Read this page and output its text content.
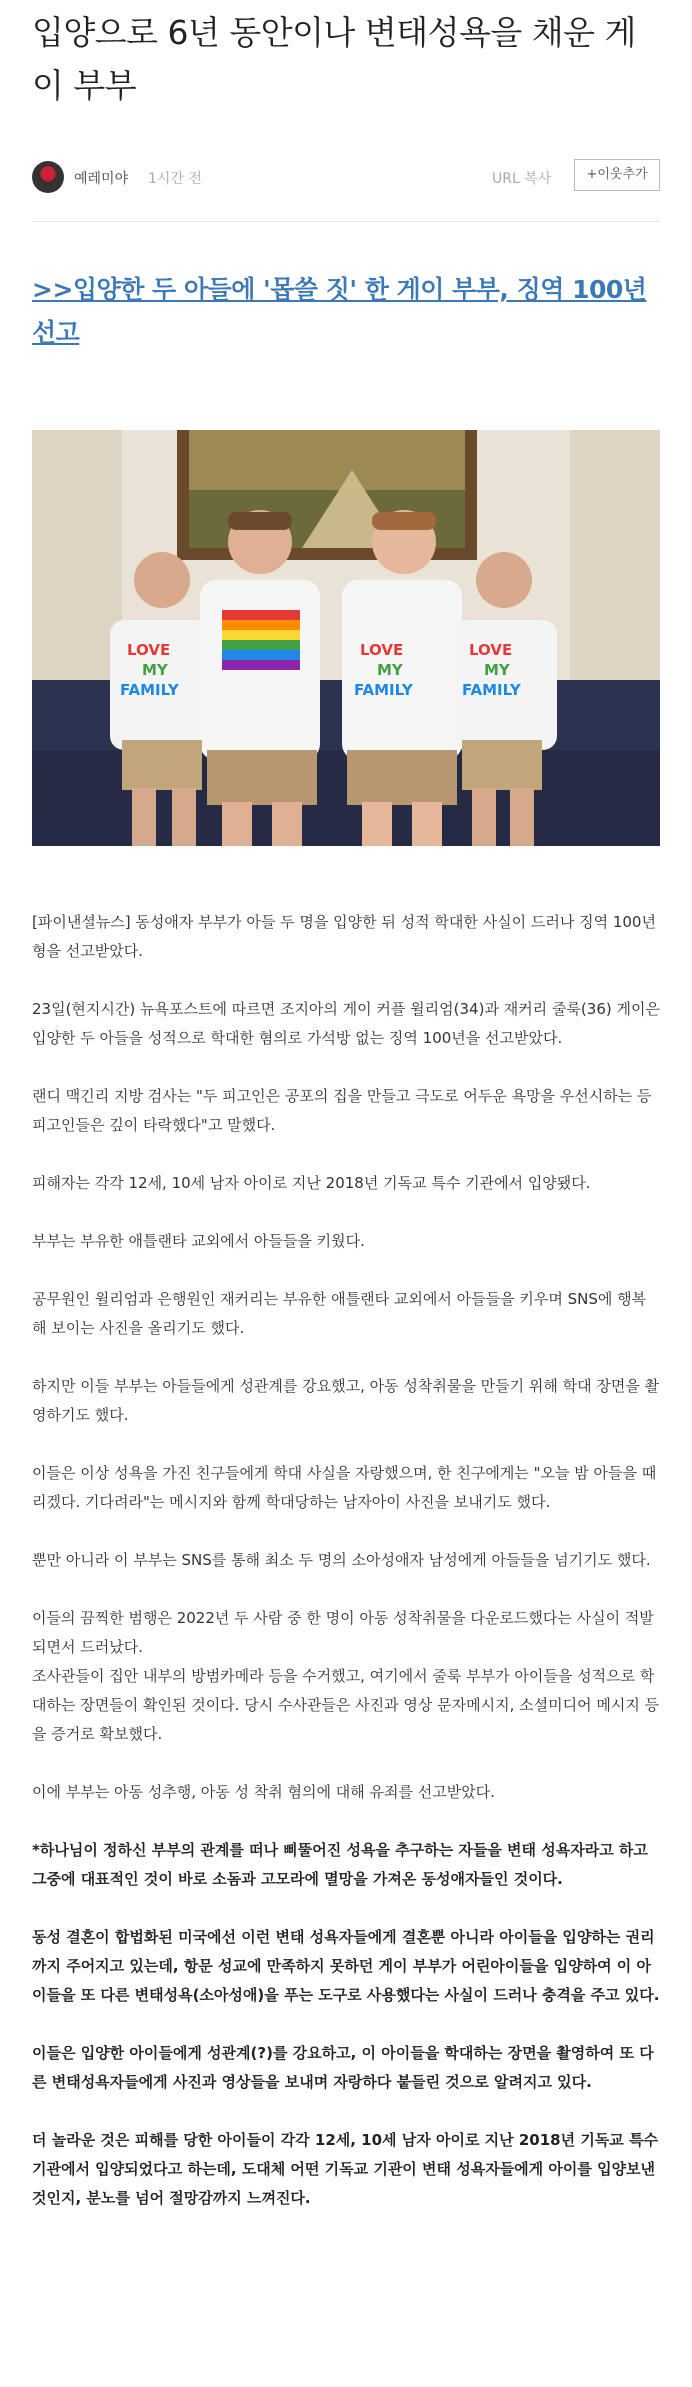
입양으로 6년 동안이나 변태성욕을 채운 게이 부부
예레미야 1시간 전	URL 복사	+이웃추가
>>입양한 두 아들에 '몹쓸 짓' 한 게이 부부, 징역 100년 선고
LOVE
MY
FAMILY
LOVE
MY
FAMILY
LOVE
MY
FAMILY

[파이낸셜뉴스] 동성애자 부부가 아들 두 명을 입양한 뒤 성적 학대한 사실이 드러나 징역 100년형을 선고받았다.

23일(현지시간) 뉴욕포스트에 따르면 조지아의 게이 커플 윌리엄(34)과 재커리 줄룩(36) 게이은 입양한 두 아들을 성적으로 학대한 혐의로 가석방 없는 징역 100년을 선고받았다.

랜디 맥긴리 지방 검사는 "두 피고인은 공포의 집을 만들고 극도로 어두운 욕망을 우선시하는 등 피고인들은 깊이 타락했다"고 말했다.

피해자는 각각 12세, 10세 남자 아이로 지난 2018년 기독교 특수 기관에서 입양됐다.

부부는 부유한 애틀랜타 교외에서 아들들을 키웠다.

공무원인 윌리엄과 은행원인 재커리는 부유한 애틀랜타 교외에서 아들들을 키우며 SNS에 행복해 보이는 사진을 올리기도 했다.

하지만 이들 부부는 아들들에게 성관계를 강요했고, 아동 성착취물을 만들기 위해 학대 장면을 촬영하기도 했다.

이들은 이상 성욕을 가진 친구들에게 학대 사실을 자랑했으며, 한 친구에게는 "오늘 밤 아들을 때리겠다. 기다려라"는 메시지와 함께 학대당하는 남자아이 사진을 보내기도 했다.

뿐만 아니라 이 부부는 SNS를 통해 최소 두 명의 소아성애자 남성에게 아들들을 넘기기도 했다.

이들의 끔찍한 범행은 2022년 두 사람 중 한 명이 아동 성착취물을 다운로드했다는 사실이 적발되면서 드러났다.
조사관들이 집안 내부의 방범카메라 등을 수거했고, 여기에서 줄룩 부부가 아이들을 성적으로 학대하는 장면들이 확인된 것이다. 당시 수사관들은 사진과 영상 문자메시지, 소셜미디어 메시지 등을 증거로 확보했다.

이에 부부는 아동 성추행, 아동 성 착취 혐의에 대해 유죄를 선고받았다.

*하나님이 정하신 부부의 관계를 떠나 삐뚤어진 성욕을 추구하는 자들을 변태 성욕자라고 하고 그중에 대표적인 것이 바로 소돔과 고모라에 멸망을 가져온 동성애자들인 것이다.

동성 결혼이 합법화된 미국에선 이런 변태 성욕자들에게 결혼뿐 아니라 아이들을 입양하는 권리까지 주어지고 있는데, 항문 성교에 만족하지 못하던 게이 부부가 어린아이들을 입양하여 이 아이들을 또 다른 변태성욕(소아성애)을 푸는 도구로 사용했다는 사실이 드러나 충격을 주고 있다.

이들은 입양한 아이들에게 성관계(?)를 강요하고, 이 아이들을 학대하는 장면을 촬영하여 또 다른 변태성욕자들에게 사진과 영상들을 보내며 자랑하다 붙들린 것으로 알려지고 있다.

더 놀라운 것은 피해를 당한 아이들이 각각 12세, 10세 남자 아이로 지난 2018년 기독교 특수 기관에서 입양되었다고 하는데, 도대체 어떤 기독교 기관이 변태 성욕자들에게 아이를 입양보낸 것인지, 분노를 넘어 절망감까지 느껴진다.
